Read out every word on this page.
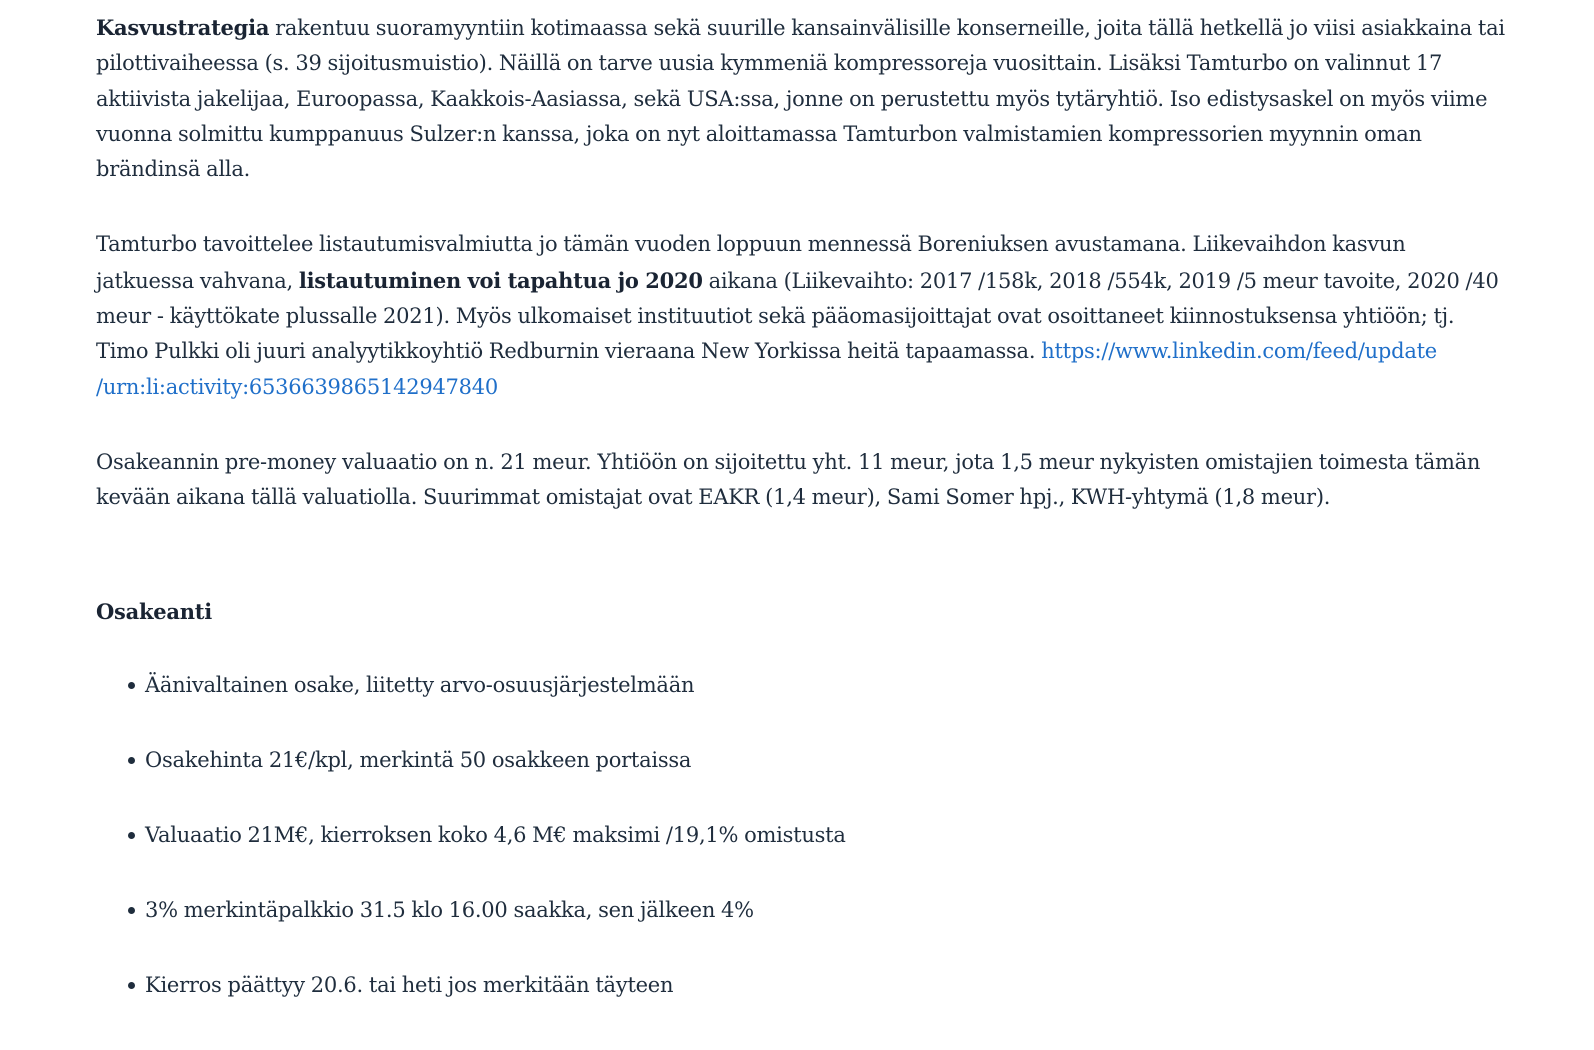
Kasvustrategia rakentuu suoramyyntiin kotimaassa sekä suurille kansainvälisille konserneille, joita tällä hetkellä jo viisi asiakkaina tai pilottivaiheessa (s. 39 sijoitusmuistio). Näillä on tarve uusia kymmeniä kompressoreja vuosittain. Lisäksi Tamturbo on valinnut 17 aktiivista jakelijaa, Euroopassa, Kaakkois-Aasiassa, sekä USA:ssa, jonne on perustettu myös tytäryhtiö. Iso edistysaskel on myös viime vuonna solmittu kumppanuus Sulzer:n kanssa, joka on nyt aloittamassa Tamturbon valmistamien kompressorien myynnin oman brändinsä alla.

Tamturbo tavoittelee listautumisvalmiutta jo tämän vuoden loppuun mennessä Boreniuksen avustamana. Liikevaihdon kasvun jatkuessa vahvana, listautuminen voi tapahtua jo 2020 aikana (Liikevaihto: 2017 /158k, 2018 /554k, 2019 /5 meur tavoite, 2020 /40 meur - käyttökate plussalle 2021). Myös ulkomaiset instituutiot sekä pääomasijoittajat ovat osoittaneet kiinnostuksensa yhtiöön; tj. Timo Pulkki oli juuri analyytikkoyhtiö Redburnin vieraana New Yorkissa heitä tapaamassa. https://www.linkedin.com/feed/update
/urn:li:activity:6536639865142947840

Osakeannin pre-money valuaatio on n. 21 meur. Yhtiöön on sijoitettu yht. 11 meur, jota 1,5 meur nykyisten omistajien toimesta tämän kevään aikana tällä valuatiolla. Suurimmat omistajat ovat EAKR (1,4 meur), Sami Somer hpj., KWH-yhtymä (1,8 meur).

Osakeanti
Äänivaltainen osake, liitetty arvo-osuusjärjestelmään
Osakehinta 21€/kpl, merkintä 50 osakkeen portaissa
Valuaatio 21M€, kierroksen koko 4,6 M€ maksimi /19,1% omistusta
3% merkintäpalkkio 31.5 klo 16.00 saakka, sen jälkeen 4%
Kierros päättyy 20.6. tai heti jos merkitään täyteen
